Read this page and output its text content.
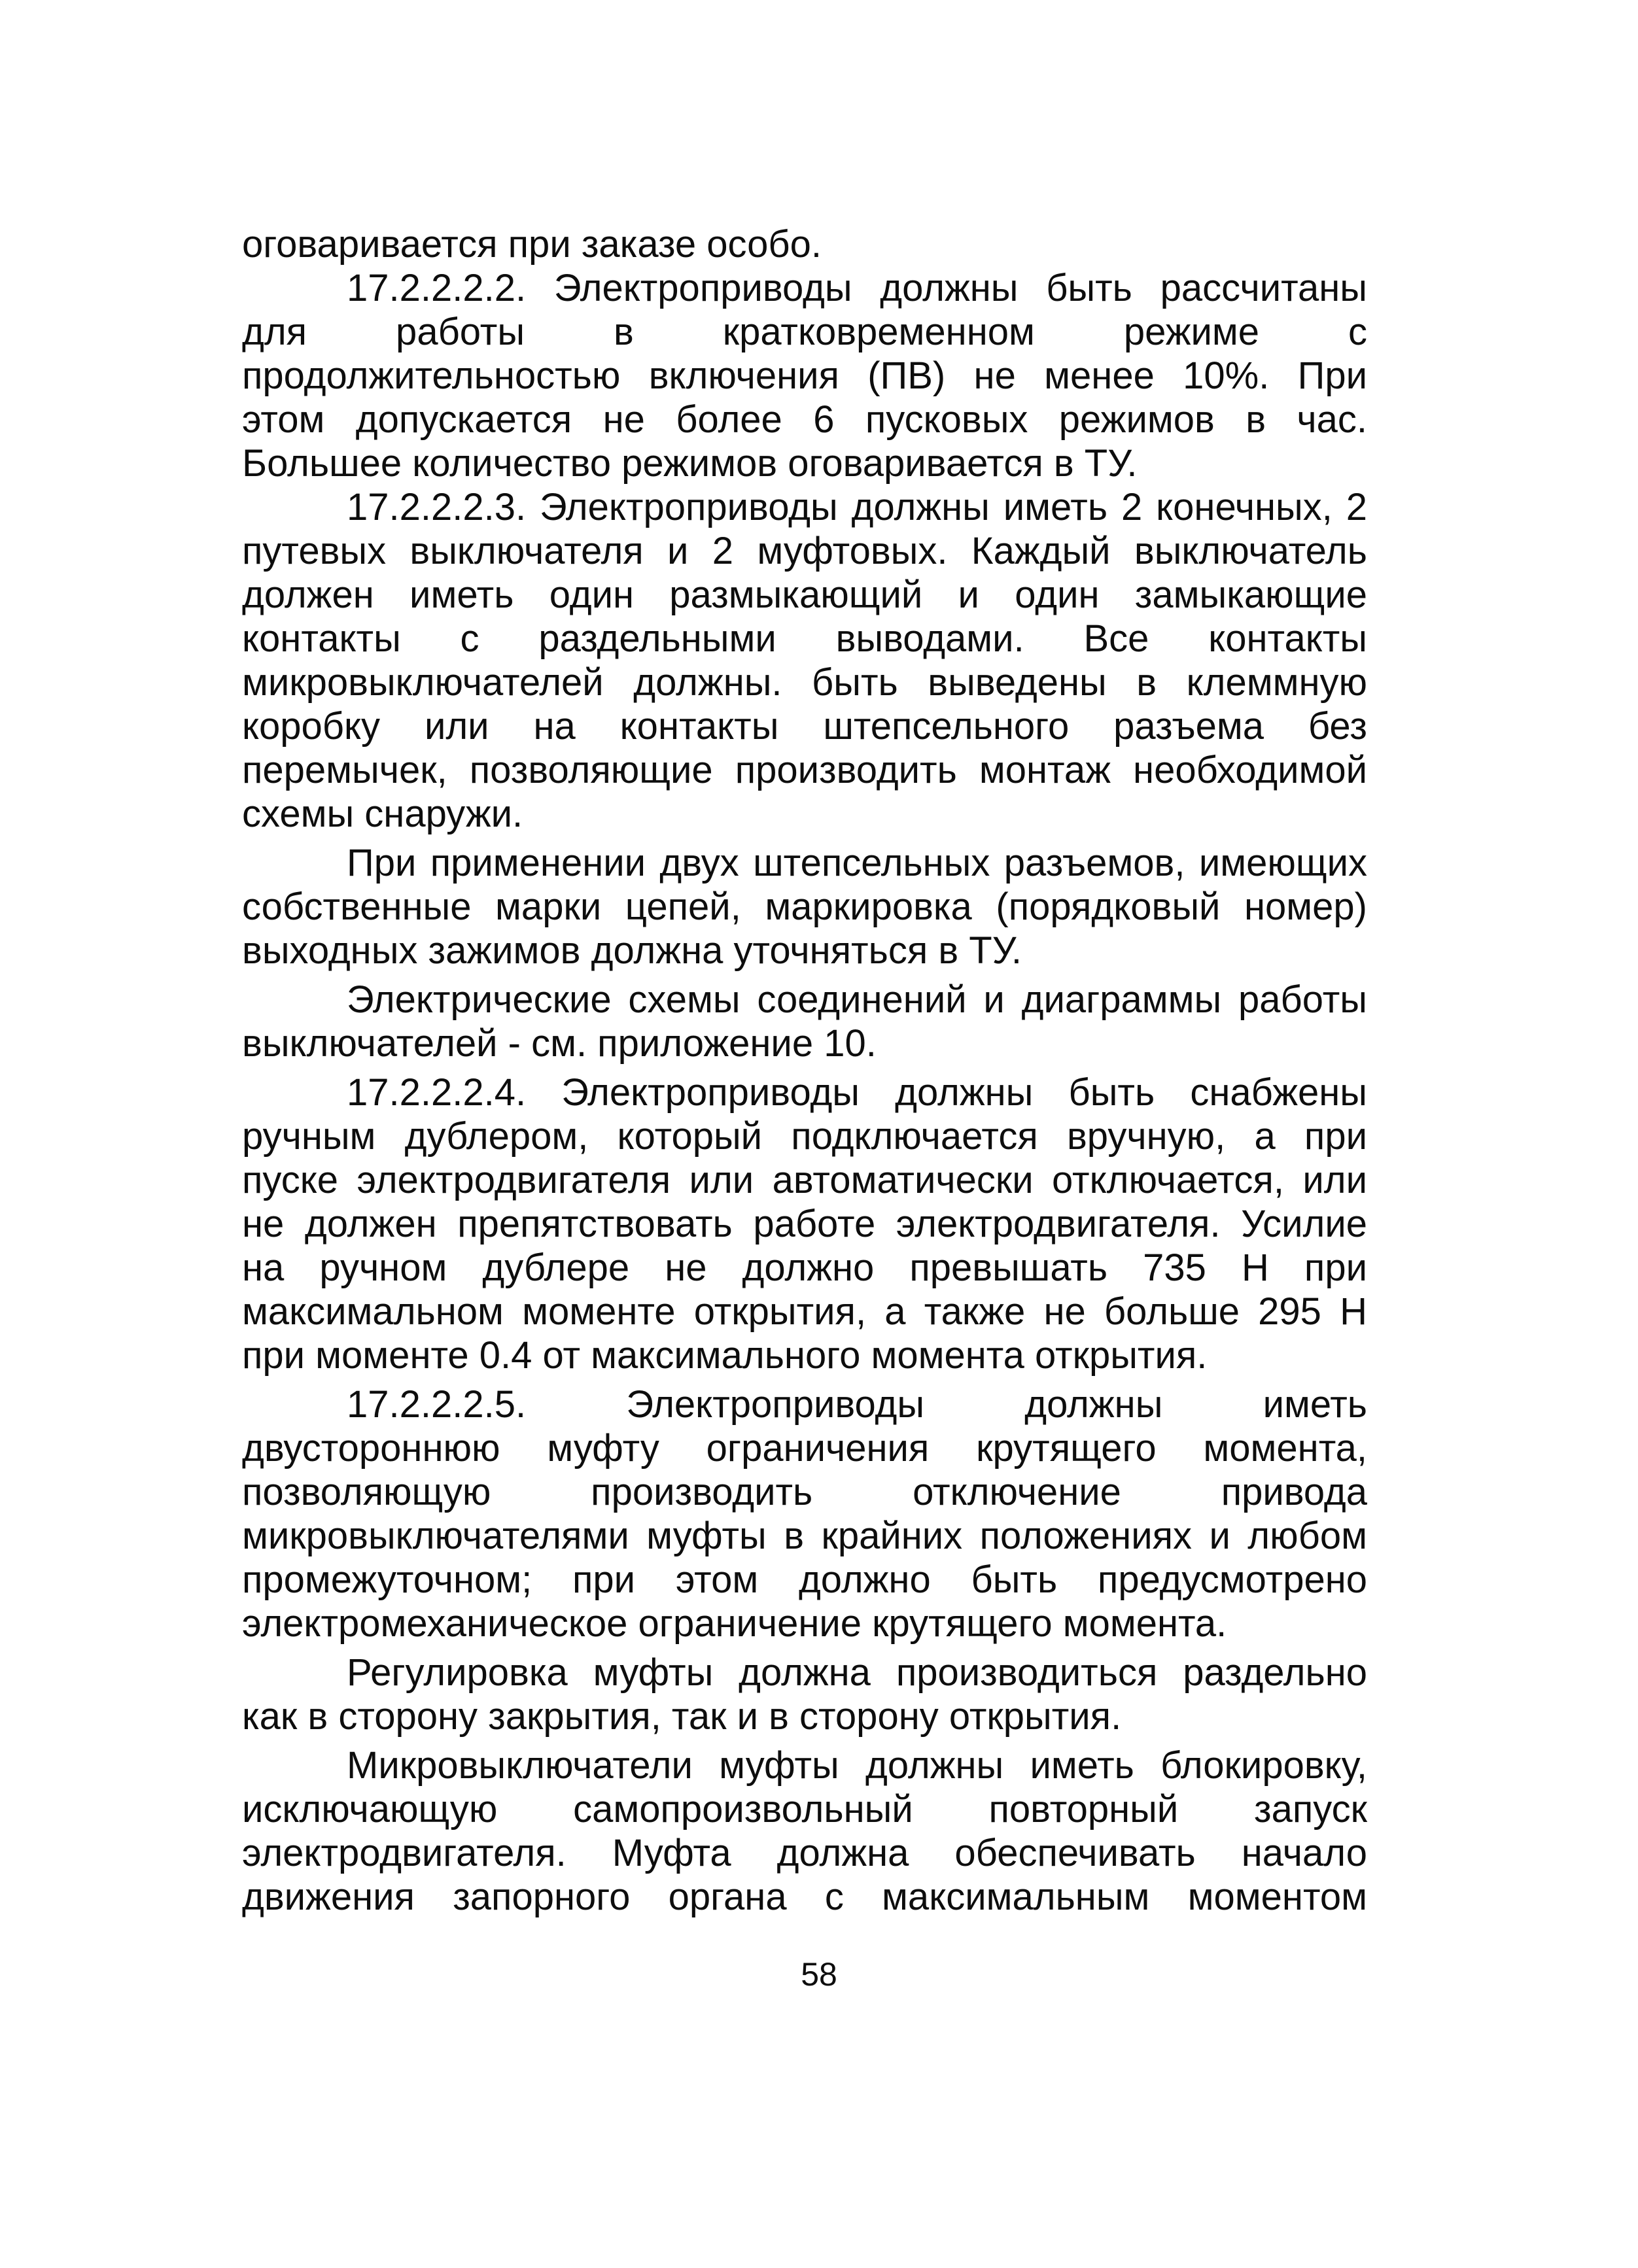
оговаривается при заказе особо.
17.2.2.2.2. Электроприводы должны быть рассчитаны
для работы в кратковременном режиме с
продолжительностью включения (ПВ) не менее 10%. При
этом допускается не более 6 пусковых режимов в час.
Большее количество режимов оговаривается в ТУ.
17.2.2.2.3. Электроприводы должны иметь 2 конечных, 2
путевых выключателя и 2 муфтовых. Каждый выключатель
должен иметь один размыкающий и один замыкающие
контакты с раздельными выводами. Все контакты
микровыключателей должны. быть выведены в клеммную
коробку или на контакты штепсельного разъема без
перемычек, позволяющие производить монтаж необходимой
схемы снаружи.
При применении двух штепсельных разъемов, имеющих
собственные марки цепей, маркировка (порядковый номер)
выходных зажимов должна уточняться в ТУ.
Электрические схемы соединений и диаграммы работы
выключателей - см. приложение 10.
17.2.2.2.4. Электроприводы должны быть снабжены
ручным дублером, который подключается вручную, а при
пуске электродвигателя или автоматически отключается, или
не должен препятствовать работе электродвигателя. Усилие
на ручном дублере не должно превышать 735 Н при
максимальном моменте открытия, а также не больше 295 Н
при моменте 0.4 от максимального момента открытия.
17.2.2.2.5. Электроприводы должны иметь
двустороннюю муфту ограничения крутящего момента,
позволяющую производить отключение привода
микровыключателями муфты в крайних положениях и любом
промежуточном; при этом должно быть предусмотрено
электромеханическое ограничение крутящего момента.
Регулировка муфты должна производиться раздельно
как в сторону закрытия, так и в сторону открытия.
Микровыключатели муфты должны иметь блокировку,
исключающую самопроизвольный повторный запуск
электродвигателя. Муфта должна обеспечивать начало
движения запорного органа с максимальным моментом
58
